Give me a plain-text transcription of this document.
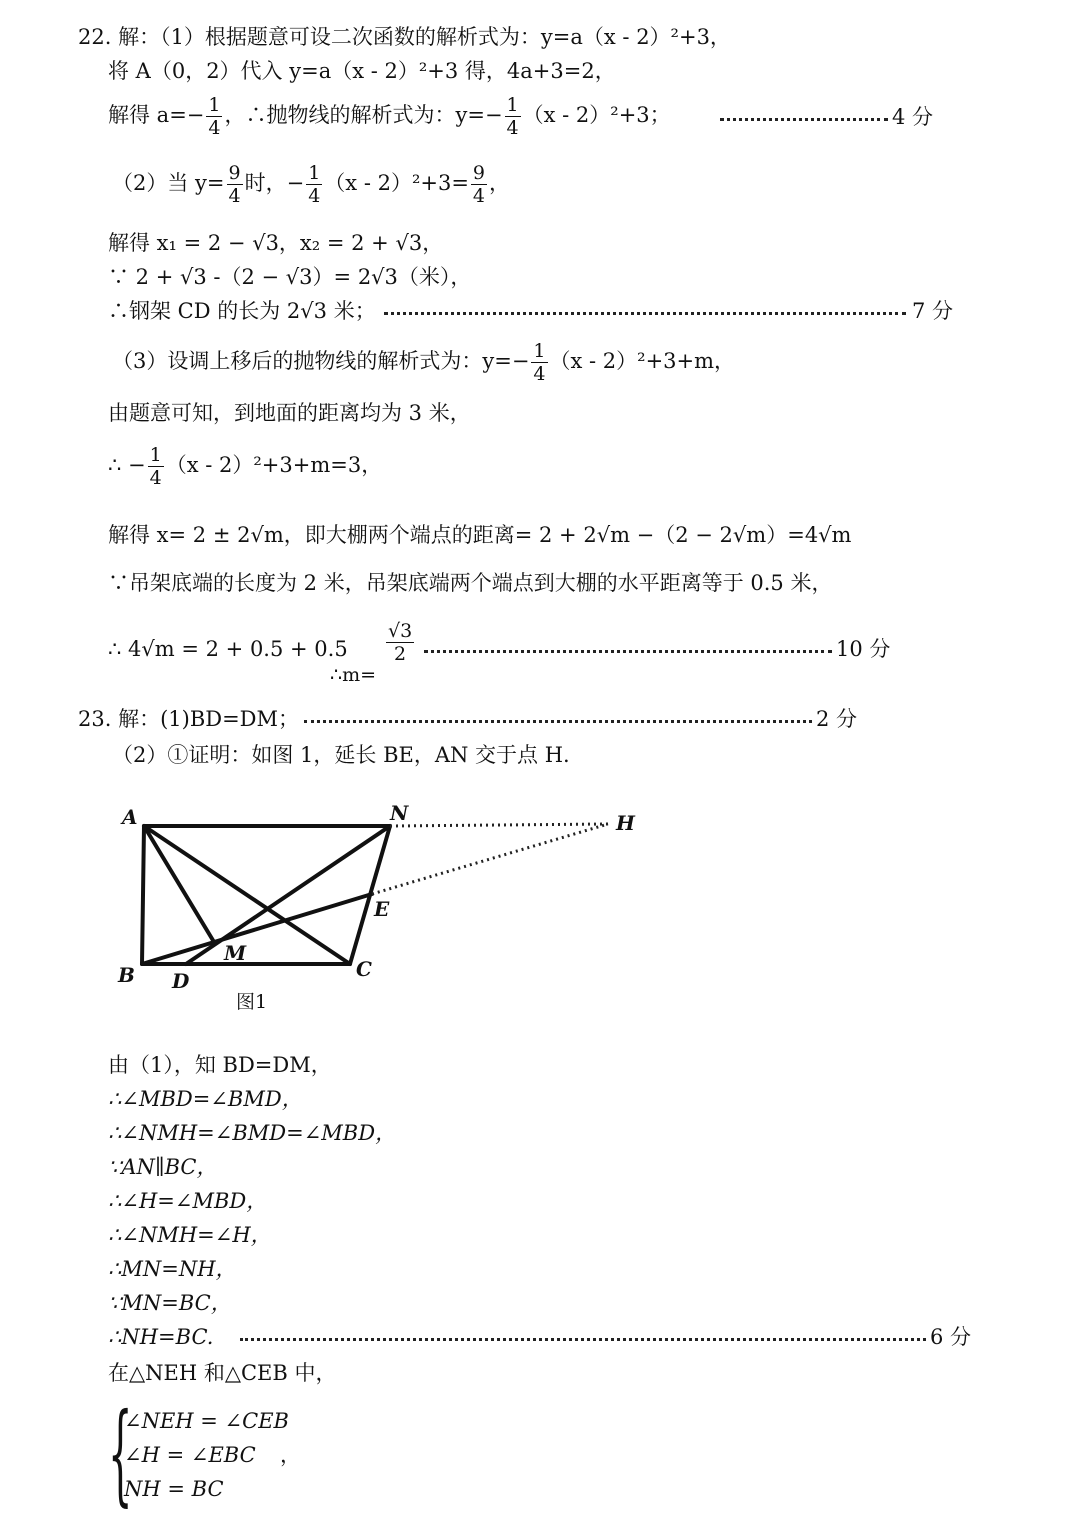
22. 解：（1）根据题意可设二次函数的解析式为：y=a（x - 2）²+3，
将 A（0，2）代入 y=a（x - 2）²+3 得，4a+3=2，
解得 $a=- \frac{1}{4}$ ，∴抛物线的解析式为：$y=- \frac{1}{4} (x - 2)^2+3$；	4 分
（2）当 $y= \frac{9}{4}$ 时，− $\frac{1}{4} (x - 2)^2+3= \frac{9}{4}$ ，
解得 x₁ = 2 − √3，x₂ = 2 + √3，
∵ 2 + √3 -（2 − √3）= 2√3（米），
∴钢架 CD 的长为 2√3 米；	7 分
（3）设调上移后的抛物线的解析式为：$y=- \frac{1}{4} (x - 2)^2+3+m$，
由题意可知，到地面的距离均为 3 米，
∴ − $\frac{1}{4} (x - 2)^2+3+m=3$，
解得 x= 2 ± 2√m，即大棚两个端点的距离= 2 + 2√m −（2 − 2√m）=4√m
∵吊架底端的长度为 2 米，吊架底端两个端点到大棚的水平距离等于 0.5 米，
∴ 4√m = 2 + 0.5 + 0.5
∴m=
$\frac{√3}{2}$	10 分
23. 解：(1)BD=DM；	2 分
（2）①证明：如图 1，延长 BE，AN 交于点 H.
A	N	H
E
M
B D	C
图1
由（1），知 BD=DM，
∴∠MBD=∠BMD，
∴∠NMH=∠BMD=∠MBD，
∵AN∥BC，
∴∠H=∠MBD，
∴∠NMH=∠H，
∴MN=NH，
∵MN=BC，
∴NH=BC.	6 分
在△NEH 和△CEB 中，
{
∠NEH = ∠CEB
∠H = ∠EBC ，
NH = BC
